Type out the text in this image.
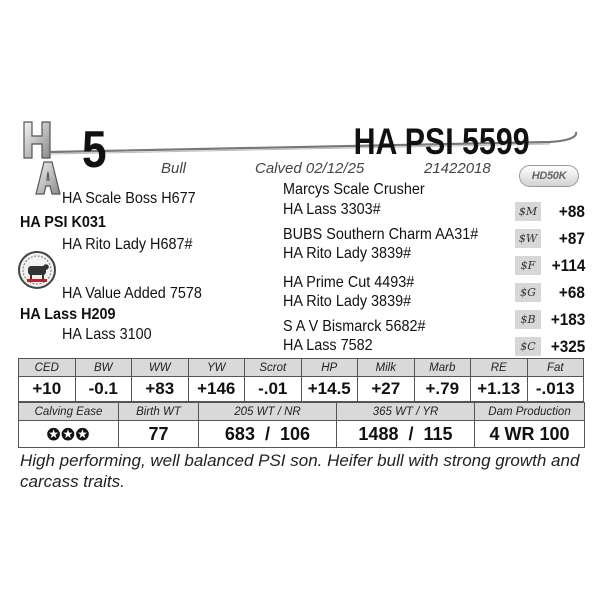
5	HA PSI 5599
Bull	Calved 02/12/25	21422018	HD50K
HA Scale Boss H677
Marcys Scale Crusher
HA Lass 3303#
HA PSI K031
HA Rito Lady H687#
BUBS Southern Charm AA31#
HA Rito Lady 3839#
HA Value Added 7578
HA Prime Cut 4493#
HA Rito Lady 3839#
HA Lass H209
HA Lass 3100	S A V Bismarck 5682#
HA Lass 7582
$M +88
$W +87
$F +114
$G	+68
$B +183
$C +325
CED	BW	WW	YW	Scrot	HP	Milk	Marb	RE	Fat
+10	-0.1	+83	+146	-.01	+14.5	+27	+.79	+1.13	-.013
Calving Ease	Birth WT	205 WT / NR	365 WT / YR	Dam Production
✪✪✪	77	683 / 106	1488 / 115	4 WR 100
High performing, well balanced PSI son. Heifer bull with strong growth and carcass traits.
